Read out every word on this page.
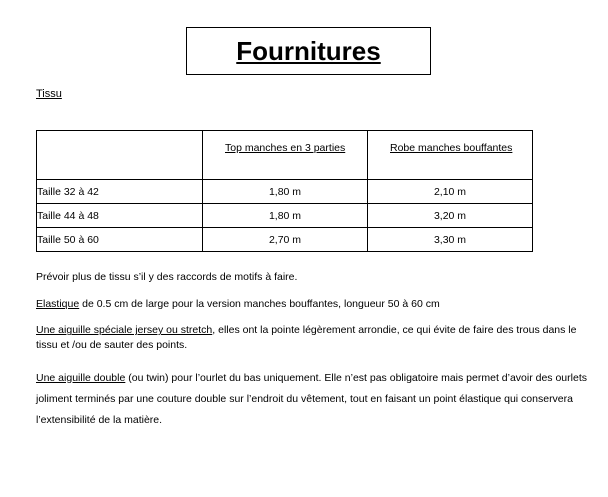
Fournitures
Tissu

	Top manches en 3 parties	Robe manches bouffantes

Taille 32 à 42	1,80 m	2,10 m
Taille 44 à 48	1,80 m	3,20 m
Taille 50 à 60	2,70 m	3,30 m

Prévoir plus de tissu s’il y des raccords de motifs à faire.

Elastique de 0.5 cm de large pour la version manches bouffantes, longueur 50 à 60 cm

Une aiguille spéciale jersey ou stretch, elles ont la pointe légèrement arrondie, ce qui évite de faire des trous dans le tissu et /ou de sauter des points.

Une aiguille double (ou twin) pour l’ourlet du bas uniquement. Elle n’est pas obligatoire mais permet d’avoir des ourlets joliment terminés par une couture double sur l’endroit du vêtement, tout en faisant un point élastique qui conservera l’extensibilité de la matière.
